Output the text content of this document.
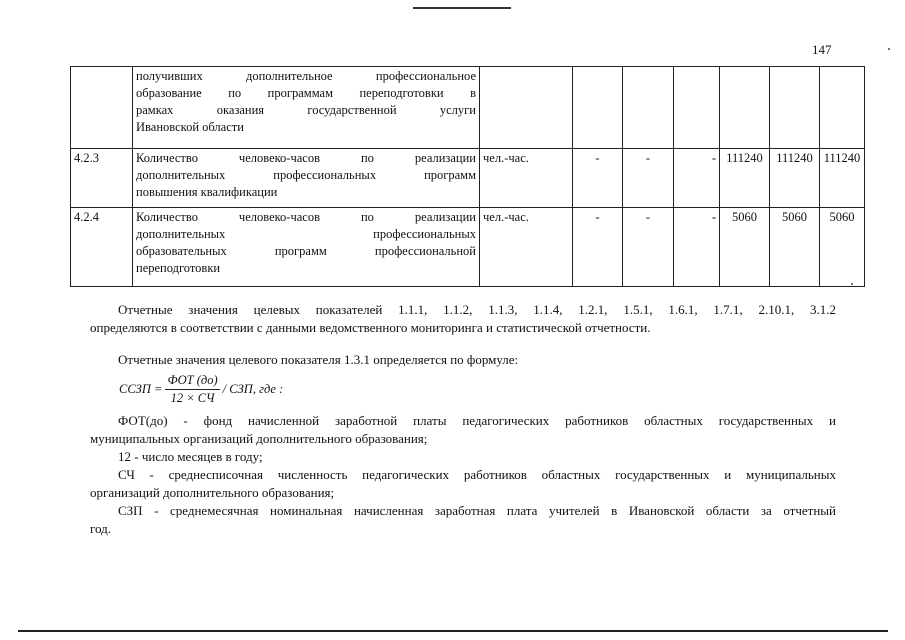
147

	получивших дополнительное профессиональное
образование по программам переподготовки в
рамках оказания государственной услуги
Ивановской области							

4.2.3	Количество человеко-часов по реализации
дополнительных профессиональных программ
повышения квалификации	чел.-час.	-	-	-	111240	111240	111240
4.2.4	Количество человеко-часов по реализации
дополнительных профессиональных
образовательных программ профессиональной
переподготовки	чел.-час.	-	-	-	5060	5060	5060
Отчетные значения целевых показателей 1.1.1, 1.1.2, 1.1.3, 1.1.4, 1.2.1, 1.5.1, 1.6.1, 1.7.1, 2.10.1, 3.1.2
определяются в соответствии с данными ведомственного мониторинга и статистической отчетности.
Отчетные значения целевого показателя 1.3.1 определяется по формуле:
ССЗП = $\frac{\text{ФОТ (до)}}{12 \times СЧ}$ / СЗП, где :
ФОТ(до) - фонд начисленной заработной платы педагогических работников областных государственных и
муниципальных организаций дополнительного образования;
12 - число месяцев в году;
СЧ - среднесписочная численность педагогических работников областных государственных и муниципальных
организаций дополнительного образования;
СЗП - среднемесячная номинальная начисленная заработная плата учителей в Ивановской области за отчетный
год.
